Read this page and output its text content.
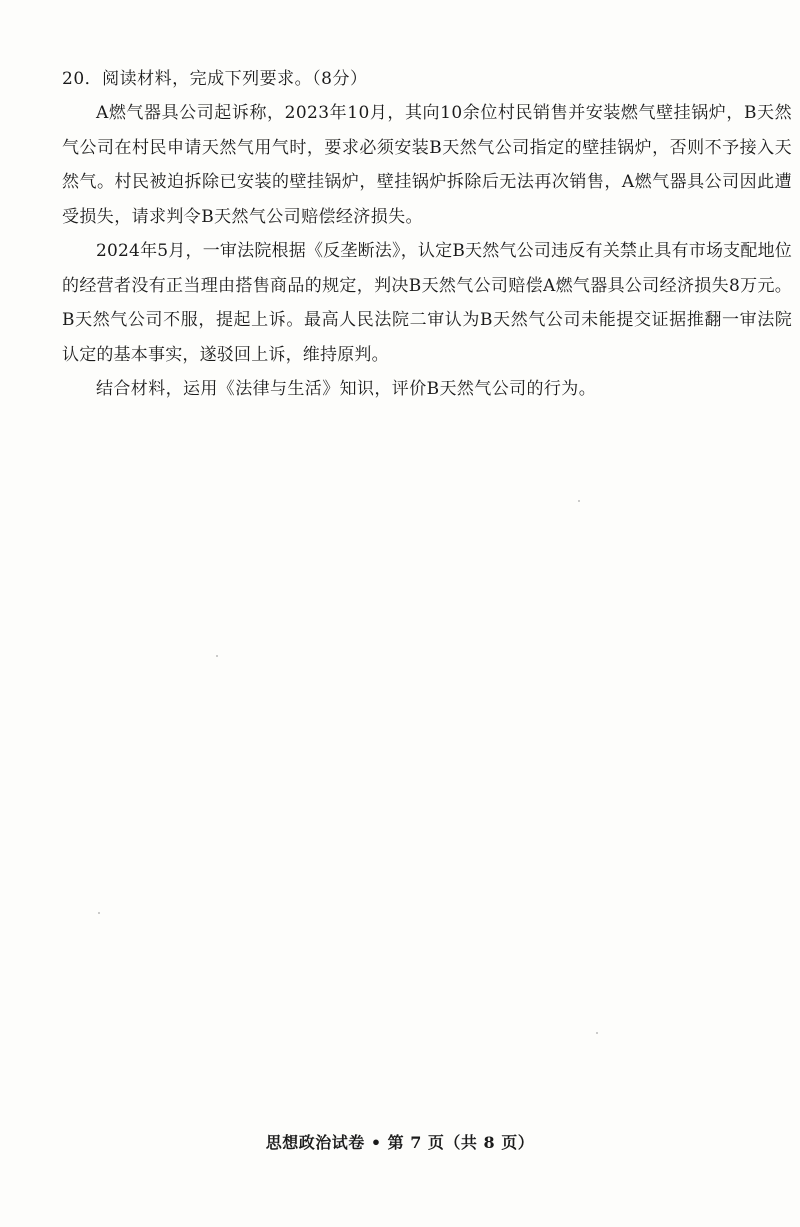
20．阅读材料，完成下列要求。（8分）

A燃气器具公司起诉称，2023年10月，其向10余位村民销售并安装燃气壁挂锅炉，B天然气公司在村民申请天然气用气时，要求必须安装B天然气公司指定的壁挂锅炉，否则不予接入天然气。村民被迫拆除已安装的壁挂锅炉，壁挂锅炉拆除后无法再次销售，A燃气器具公司因此遭受损失，请求判令B天然气公司赔偿经济损失。

2024年5月，一审法院根据《反垄断法》，认定B天然气公司违反有关禁止具有市场支配地位的经营者没有正当理由搭售商品的规定，判决B天然气公司赔偿A燃气器具公司经济损失8万元。B天然气公司不服，提起上诉。最高人民法院二审认为B天然气公司未能提交证据推翻一审法院认定的基本事实，遂驳回上诉，维持原判。

结合材料，运用《法律与生活》知识，评价B天然气公司的行为。

思想政治试卷 • 第 7 页（共 8 页）
